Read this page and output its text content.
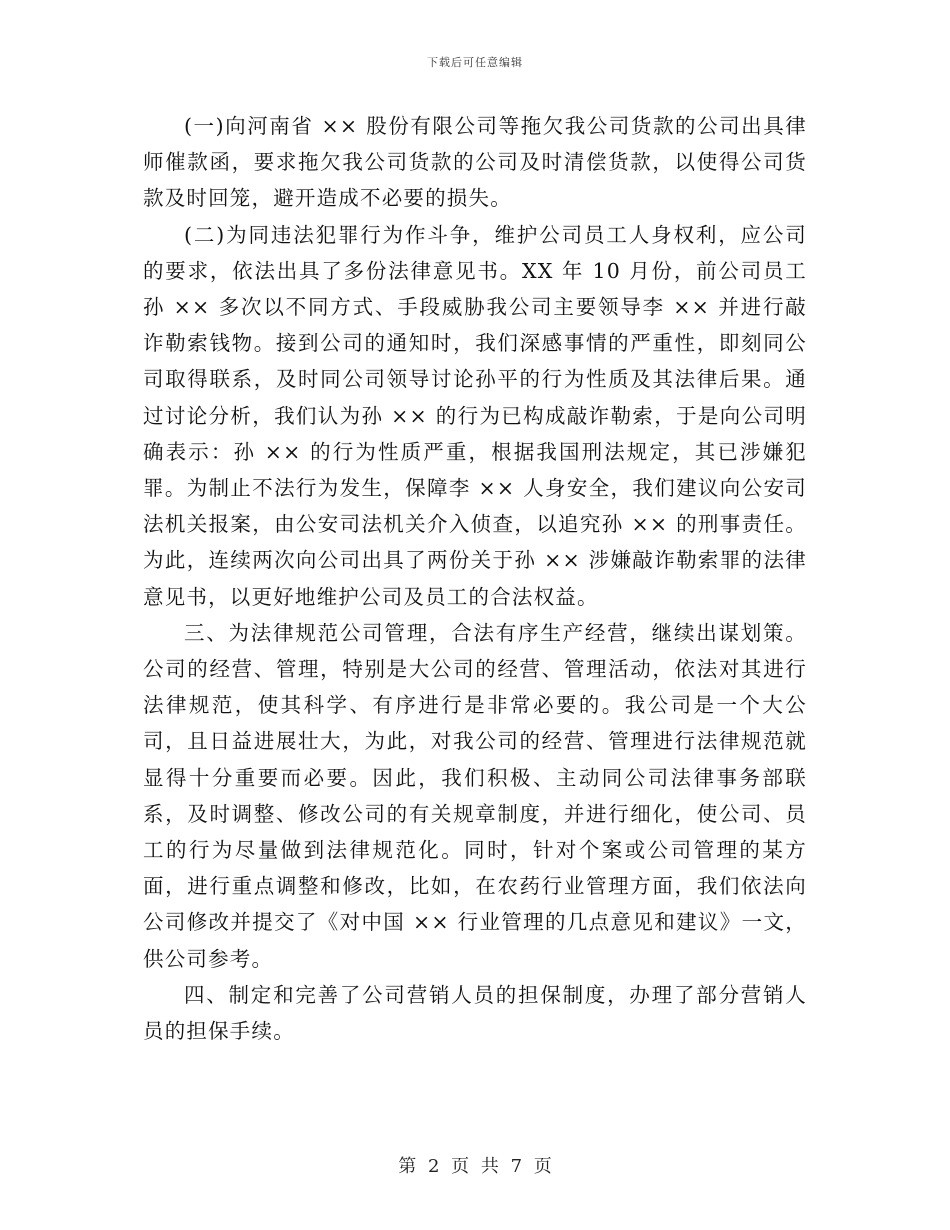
下载后可任意编辑

(一)向河南省 ×× 股份有限公司等拖欠我公司货款的公司出具律师催款函，要求拖欠我公司货款的公司及时清偿货款，以使得公司货款及时回笼，避开造成不必要的损失。

(二)为同违法犯罪行为作斗争，维护公司员工人身权利，应公司的要求，依法出具了多份法律意见书。XX 年 10 月份，前公司员工孙 ×× 多次以不同方式、手段威胁我公司主要领导李 ×× 并进行敲诈勒索钱物。接到公司的通知时，我们深感事情的严重性，即刻同公司取得联系，及时同公司领导讨论孙平的行为性质及其法律后果。通过讨论分析，我们认为孙 ×× 的行为已构成敲诈勒索，于是向公司明确表示：孙 ×× 的行为性质严重，根据我国刑法规定，其已涉嫌犯罪。为制止不法行为发生，保障李 ×× 人身安全，我们建议向公安司法机关报案，由公安司法机关介入侦查，以追究孙 ×× 的刑事责任。为此，连续两次向公司出具了两份关于孙 ×× 涉嫌敲诈勒索罪的法律意见书，以更好地维护公司及员工的合法权益。

三、为法律规范公司管理，合法有序生产经营，继续出谋划策。公司的经营、管理，特别是大公司的经营、管理活动，依法对其进行法律规范，使其科学、有序进行是非常必要的。我公司是一个大公司，且日益进展壮大，为此，对我公司的经营、管理进行法律规范就显得十分重要而必要。因此，我们积极、主动同公司法律事务部联系，及时调整、修改公司的有关规章制度，并进行细化，使公司、员工的行为尽量做到法律规范化。同时，针对个案或公司管理的某方面，进行重点调整和修改，比如，在农药行业管理方面，我们依法向公司修改并提交了《对中国 ×× 行业管理的几点意见和建议》一文，供公司参考。

四、制定和完善了公司营销人员的担保制度，办理了部分营销人员的担保手续。

第 2 页 共 7 页
